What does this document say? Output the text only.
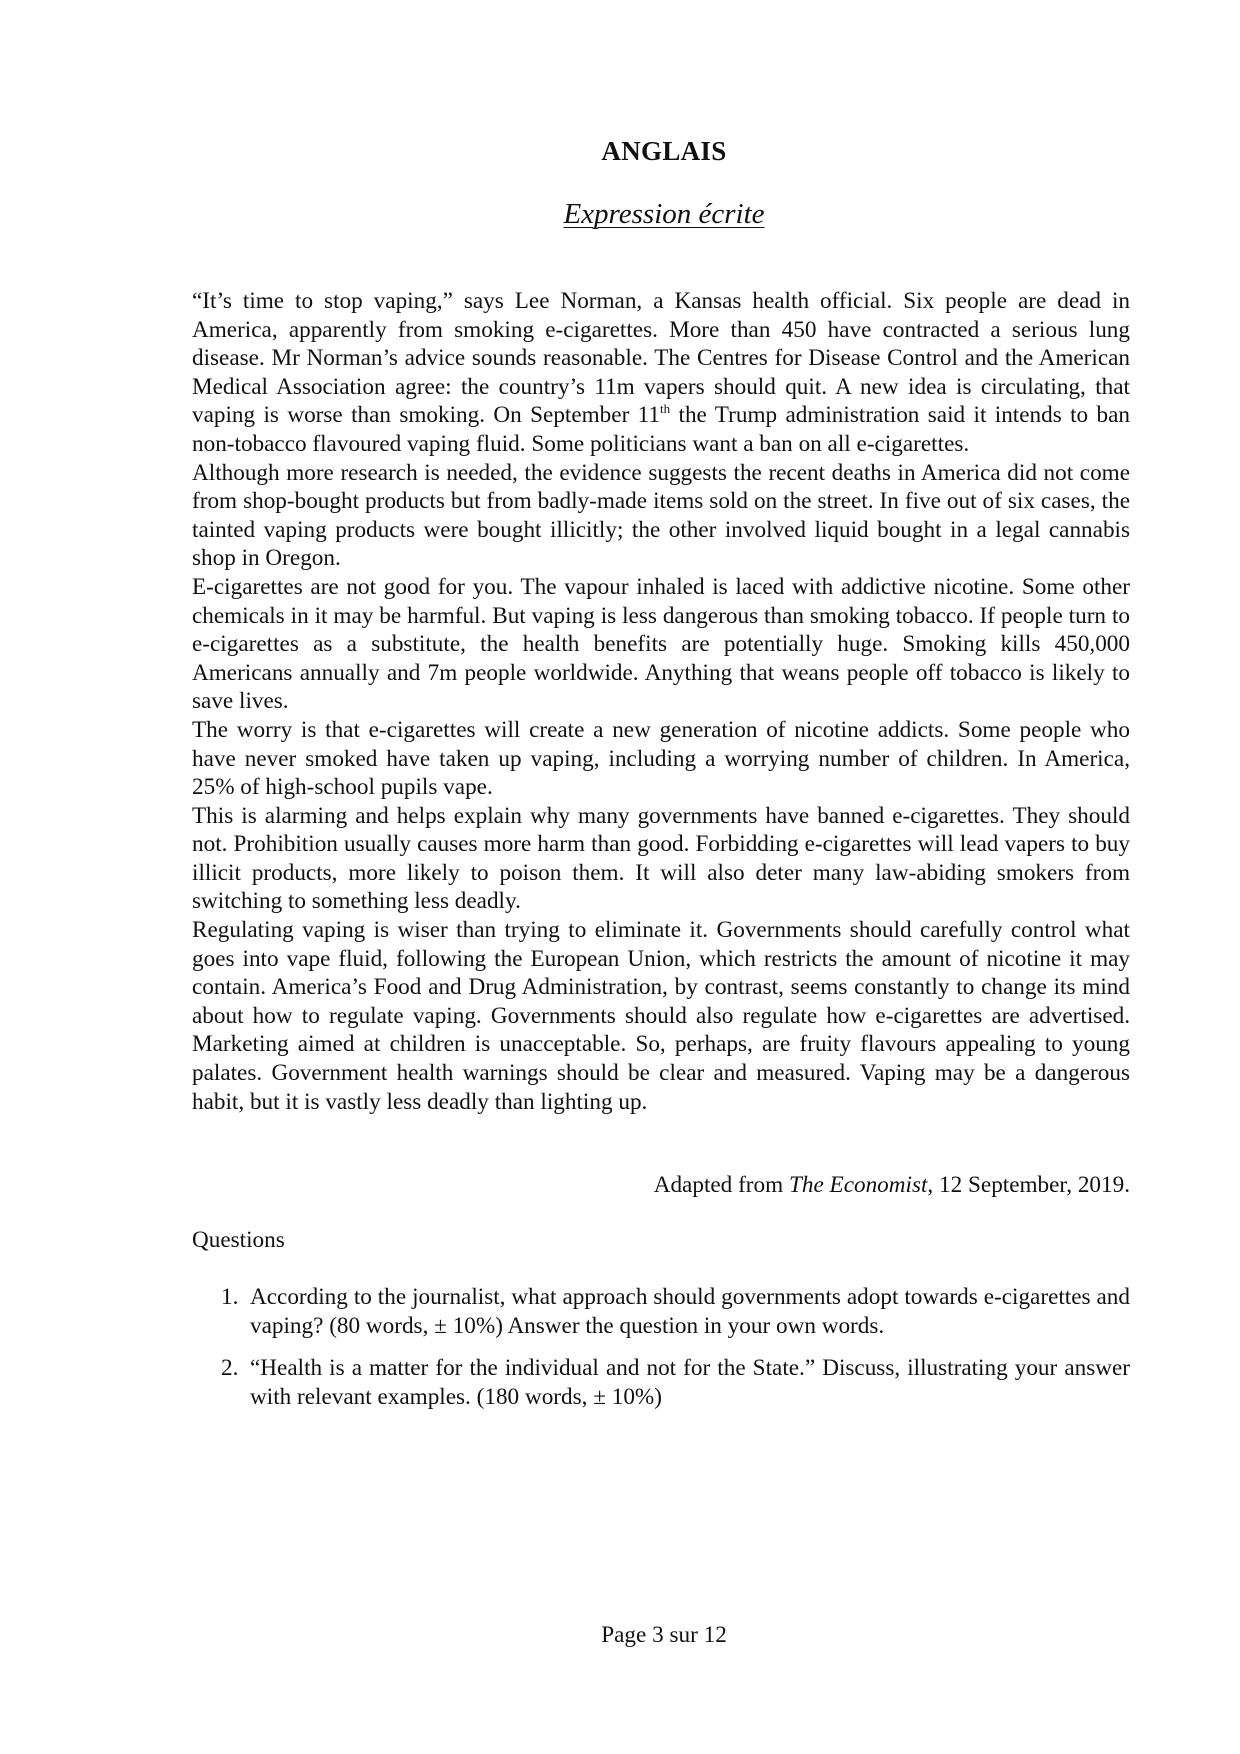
ANGLAIS
Expression écrite

“It’s time to stop vaping,” says Lee Norman, a Kansas health official. Six people are dead in America, apparently from smoking e-cigarettes. More than 450 have contracted a serious lung disease. Mr Norman’s advice sounds reasonable. The Centres for Disease Control and the American Medical Association agree: the country’s 11m vapers should quit. A new idea is circulating, that vaping is worse than smoking. On September 11th the Trump administration said it intends to ban non-tobacco flavoured vaping fluid. Some politicians want a ban on all e-cigarettes.

Although more research is needed, the evidence suggests the recent deaths in America did not come from shop-bought products but from badly-made items sold on the street. In five out of six cases, the tainted vaping products were bought illicitly; the other involved liquid bought in a legal cannabis shop in Oregon.

E-cigarettes are not good for you. The vapour inhaled is laced with addictive nicotine. Some other chemicals in it may be harmful. But vaping is less dangerous than smoking tobacco. If people turn to e-cigarettes as a substitute, the health benefits are potentially huge. Smoking kills 450,000 Americans annually and 7m people worldwide. Anything that weans people off tobacco is likely to save lives.

The worry is that e-cigarettes will create a new generation of nicotine addicts. Some people who have never smoked have taken up vaping, including a worrying number of children. In America, 25% of high-school pupils vape.

This is alarming and helps explain why many governments have banned e-cigarettes. They should not. Prohibition usually causes more harm than good. Forbidding e-cigarettes will lead vapers to buy illicit products, more likely to poison them. It will also deter many law-abiding smokers from switching to something less deadly.

Regulating vaping is wiser than trying to eliminate it. Governments should carefully control what goes into vape fluid, following the European Union, which restricts the amount of nicotine it may contain. America’s Food and Drug Administration, by contrast, seems constantly to change its mind about how to regulate vaping. Governments should also regulate how e-cigarettes are advertised. Marketing aimed at children is unacceptable. So, perhaps, are fruity flavours appealing to young palates. Government health warnings should be clear and measured. Vaping may be a dangerous habit, but it is vastly less deadly than lighting up.

Adapted from The Economist, 12 September, 2019.
Questions
1. According to the journalist, what approach should governments adopt towards e-cigarettes and vaping? (80 words, ± 10%) Answer the question in your own words.
2. “Health is a matter for the individual and not for the State.” Discuss, illustrating your answer with relevant examples. (180 words, ± 10%)
Page 3 sur 12
